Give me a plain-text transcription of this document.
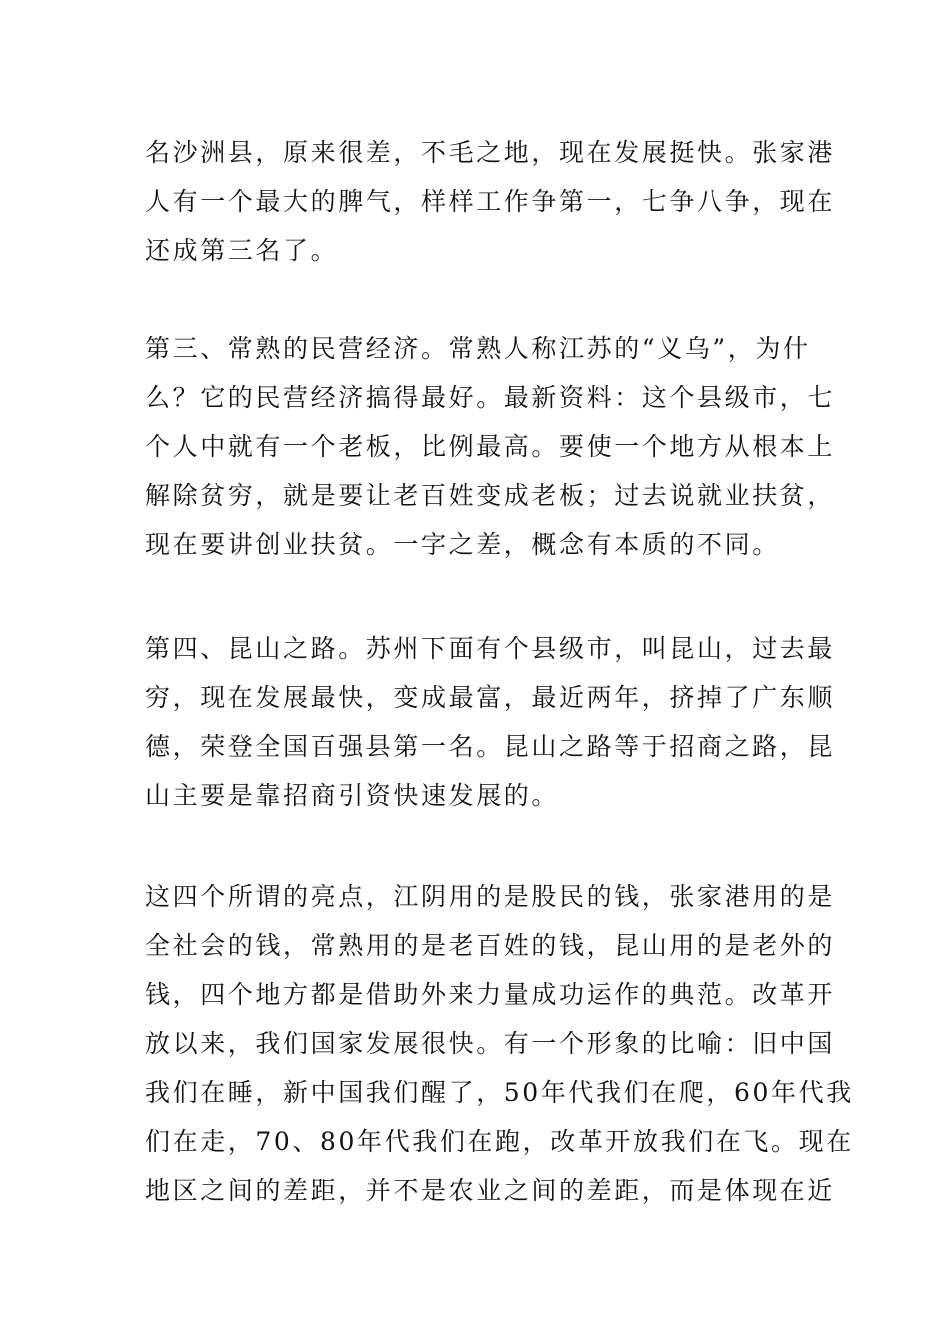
名沙洲县，原来很差，不毛之地，现在发展挺快。张家港
人有一个最大的脾气，样样工作争第一，七争八争，现在
还成第三名了。
第三、常熟的民营经济。常熟人称江苏的“义乌”，为什
么？它的民营经济搞得最好。最新资料：这个县级市，七
个人中就有一个老板，比例最高。要使一个地方从根本上
解除贫穷，就是要让老百姓变成老板；过去说就业扶贫，
现在要讲创业扶贫。一字之差，概念有本质的不同。
第四、昆山之路。苏州下面有个县级市，叫昆山，过去最
穷，现在发展最快，变成最富，最近两年，挤掉了广东顺
德，荣登全国百强县第一名。昆山之路等于招商之路，昆
山主要是靠招商引资快速发展的。
这四个所谓的亮点，江阴用的是股民的钱，张家港用的是
全社会的钱，常熟用的是老百姓的钱，昆山用的是老外的
钱，四个地方都是借助外来力量成功运作的典范。改革开
放以来，我们国家发展很快。有一个形象的比喻：旧中国
我们在睡，新中国我们醒了，50年代我们在爬，60年代我
们在走，70、80年代我们在跑，改革开放我们在飞。现在
地区之间的差距，并不是农业之间的差距，而是体现在近
